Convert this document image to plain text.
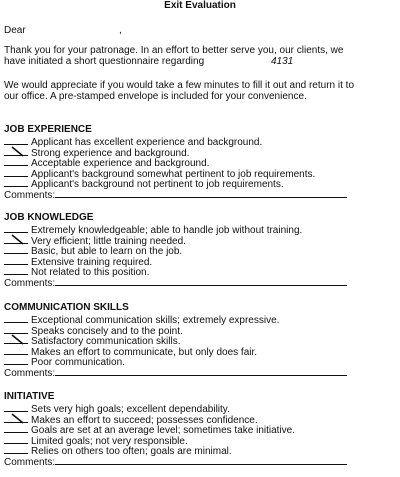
Exit Evaluation
Dear	,
Thank you for your patronage. In an effort to better serve you, our clients, we
have initiated a short questionnaire regarding	4131
We would appreciate if you would take a few minutes to fill it out and return it to
our office. A pre-stamped envelope is included for your convenience.
JOB EXPERIENCE
Applicant has excellent experience and background.
Strong experience and background.
Acceptable experience and background.
Applicant's background somewhat pertinent to job requirements.
Applicant's background not pertinent to job requirements.
Comments:
JOB KNOWLEDGE
Extremely knowledgeable; able to handle job without training.
Very efficient; little training needed.
Basic, but able to learn on the job.
Extensive training required.
Not related to this position.
Comments:
COMMUNICATION SKILLS
Exceptional communication skills; extremely expressive.
Speaks concisely and to the point.
Satisfactory communication skills.
Makes an effort to communicate, but only does fair.
Poor communication.
Comments:
INITIATIVE
Sets very high goals; excellent dependability.
Makes an effort to succeed; possesses confidence.
Goals are set at an average level; sometimes take initiative.
Limited goals; not very responsible.
Relies on others too often; goals are minimal.
Comments:
